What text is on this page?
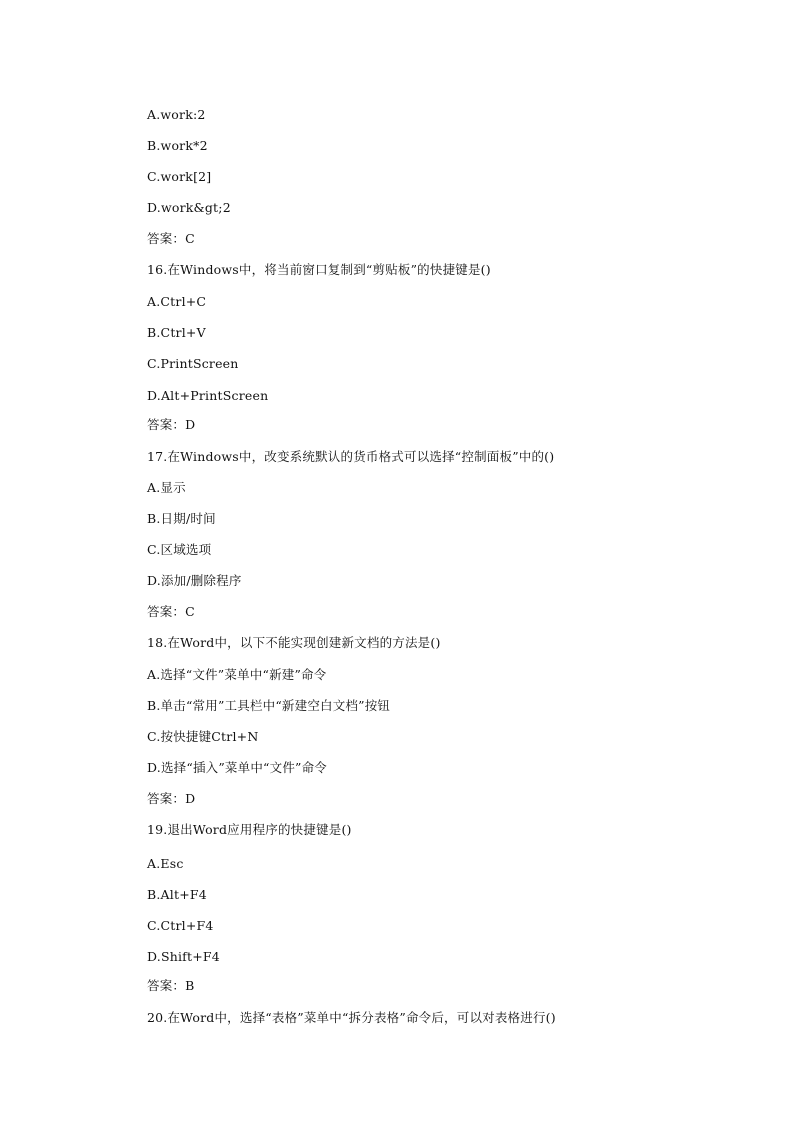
A.work:2
B.work*2
C.work[2]
D.work&gt;2
答案：C
16.在Windows中，将当前窗口复制到“剪贴板”的快捷键是()
A.Ctrl+C
B.Ctrl+V
C.PrintScreen
D.Alt+PrintScreen
答案：D
17.在Windows中，改变系统默认的货币格式可以选择“控制面板”中的()
A.显示
B.日期/时间
C.区域选项
D.添加/删除程序
答案：C
18.在Word中，以下不能实现创建新文档的方法是()
A.选择“文件”菜单中“新建”命令
B.单击“常用”工具栏中“新建空白文档”按钮
C.按快捷键Ctrl+N
D.选择“插入”菜单中“文件”命令
答案：D
19.退出Word应用程序的快捷键是()
A.Esc
B.Alt+F4
C.Ctrl+F4
D.Shift+F4
答案：B
20.在Word中，选择“表格”菜单中“拆分表格”命令后，可以对表格进行()
